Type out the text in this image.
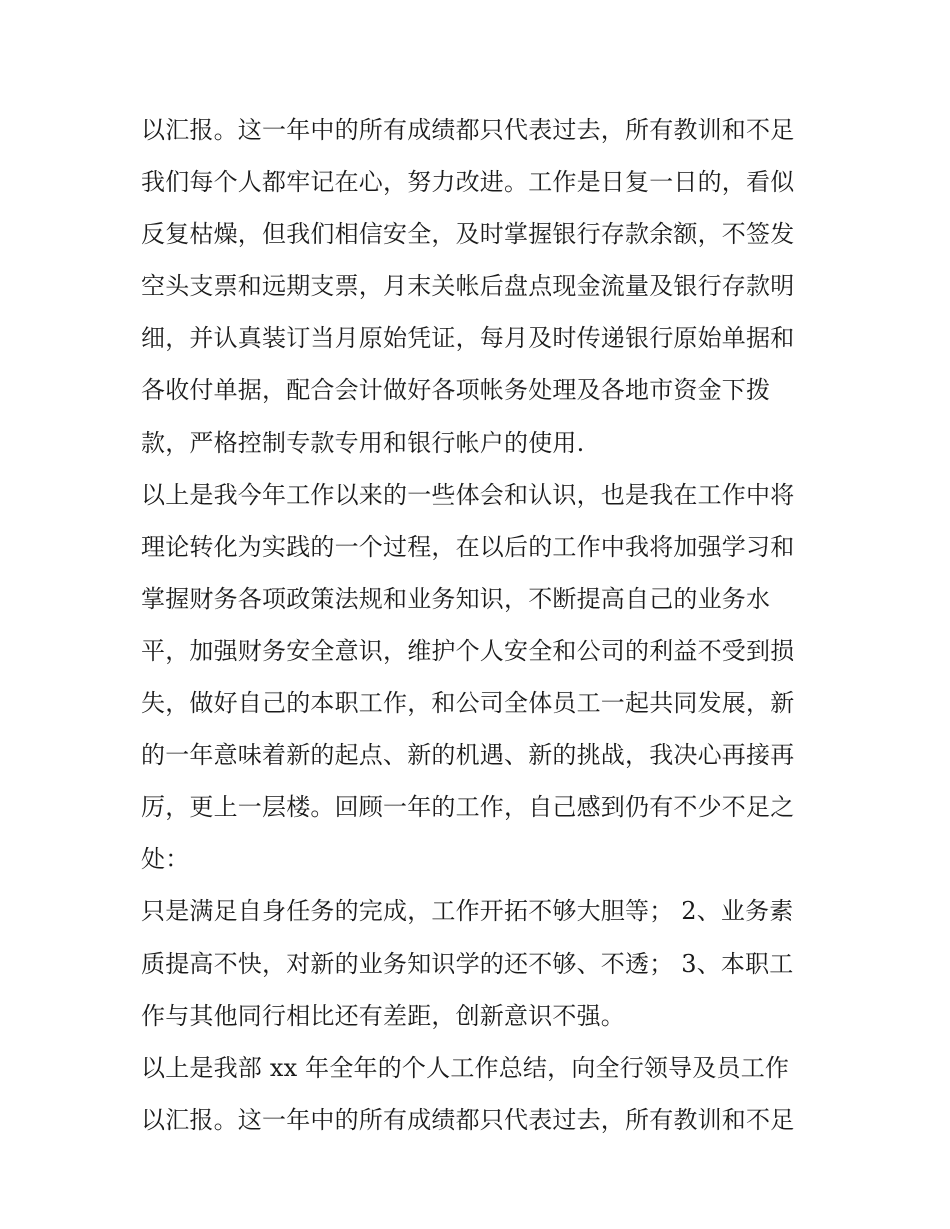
以汇报。这一年中的所有成绩都只代表过去，所有教训和不足
我们每个人都牢记在心，努力改进。工作是日复一日的，看似
反复枯燥，但我们相信安全，及时掌握银行存款余额，不签发
空头支票和远期支票，月末关帐后盘点现金流量及银行存款明
细，并认真装订当月原始凭证，每月及时传递银行原始单据和
各收付单据，配合会计做好各项帐务处理及各地市资金下拨
款，严格控制专款专用和银行帐户的使用.
以上是我今年工作以来的一些体会和认识，也是我在工作中将
理论转化为实践的一个过程，在以后的工作中我将加强学习和
掌握财务各项政策法规和业务知识，不断提高自己的业务水
平，加强财务安全意识，维护个人安全和公司的利益不受到损
失，做好自己的本职工作，和公司全体员工一起共同发展，新
的一年意味着新的起点、新的机遇、新的挑战，我决心再接再
厉，更上一层楼。回顾一年的工作，自己感到仍有不少不足之
处：
只是满足自身任务的完成，工作开拓不够大胆等； 2、业务素
质提高不快，对新的业务知识学的还不够、不透； 3、本职工
作与其他同行相比还有差距，创新意识不强。
以上是我部 xx 年全年的个人工作总结，向全行领导及员工作
以汇报。这一年中的所有成绩都只代表过去，所有教训和不足
